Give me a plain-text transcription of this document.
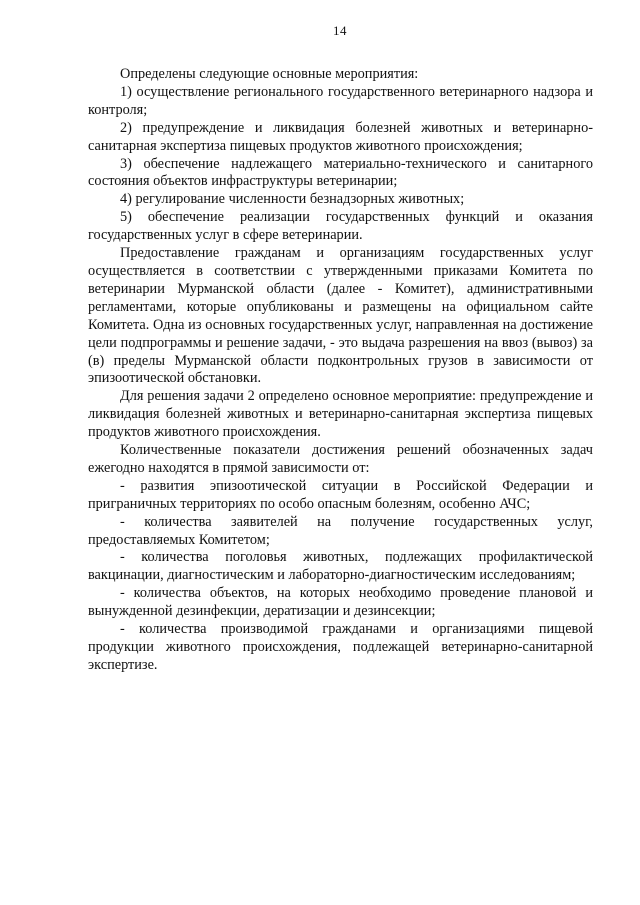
14

Определены следующие основные мероприятия:

1) осуществление регионального государственного ветеринарного надзора и контроля;

2) предупреждение и ликвидация болезней животных и ветеринарно-санитарная экспертиза пищевых продуктов животного происхождения;

3) обеспечение надлежащего материально-технического и санитарного состояния объектов инфраструктуры ветеринарии;

4) регулирование численности безнадзорных животных;

5) обеспечение реализации государственных функций и оказания государственных услуг в сфере ветеринарии.

Предоставление гражданам и организациям государственных услуг осуществляется в соответствии с утвержденными приказами Комитета по ветеринарии Мурманской области (далее - Комитет), административными регламентами, которые опубликованы и размещены на официальном сайте Комитета. Одна из основных государственных услуг, направленная на достижение цели подпрограммы и решение задачи, - это выдача разрешения на ввоз (вывоз) за (в) пределы Мурманской области подконтрольных грузов в зависимости от эпизоотической обстановки.

Для решения задачи 2 определено основное мероприятие: предупреждение и ликвидация болезней животных и ветеринарно-санитарная экспертиза пищевых продуктов животного происхождения.

Количественные показатели достижения решений обозначенных задач ежегодно находятся в прямой зависимости от:

- развития эпизоотической ситуации в Российской Федерации и приграничных территориях по особо опасным болезням, особенно АЧС;

- количества заявителей на получение государственных услуг, предоставляемых Комитетом;

- количества поголовья животных, подлежащих профилактической вакцинации, диагностическим и лабораторно-диагностическим исследованиям;

- количества объектов, на которых необходимо проведение плановой и вынужденной дезинфекции, дератизации и дезинсекции;

- количества производимой гражданами и организациями пищевой продукции животного происхождения, подлежащей ветеринарно-санитарной экспертизе.
